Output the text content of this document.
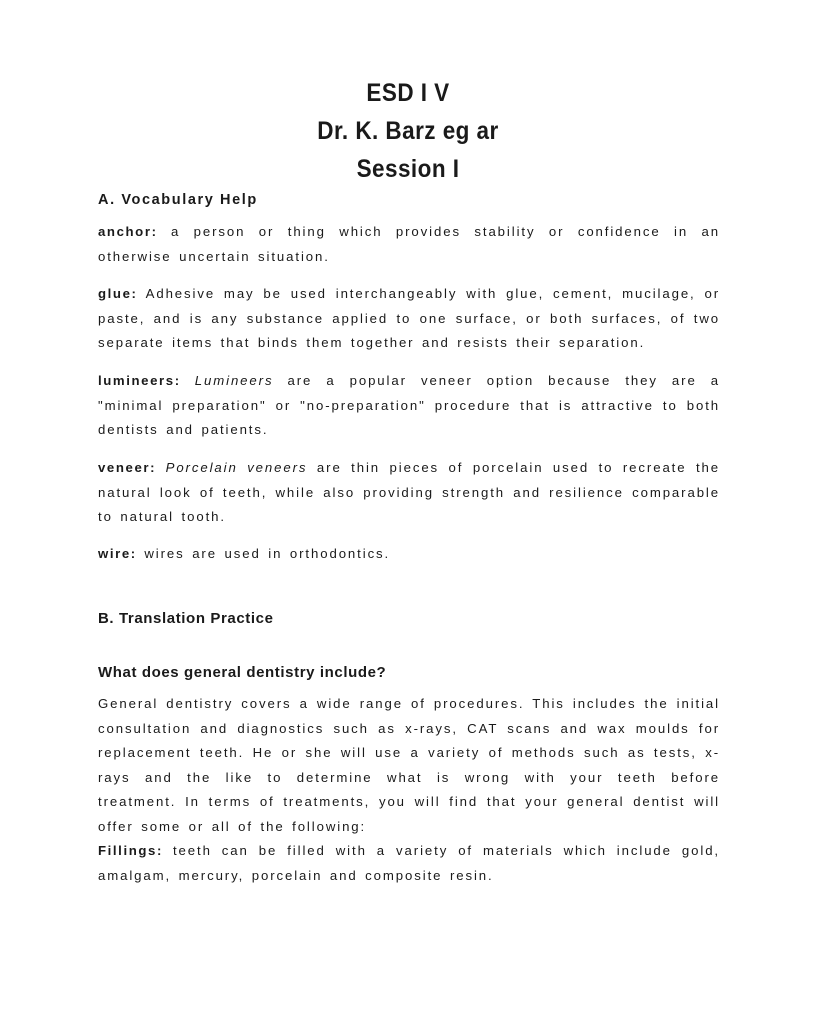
ESD I V
Dr. K. Barz eg ar
Session I

A. Vocabulary Help

anchor: a person or thing which provides stability or confidence in an otherwise uncertain situation.

glue: Adhesive may be used interchangeably with glue, cement, mucilage, or paste, and is any substance applied to one surface, or both surfaces, of two separate items that binds them together and resists their separation.

lumineers: Lumineers are a popular veneer option because they are a "minimal preparation" or "no-preparation" procedure that is attractive to both dentists and patients.

veneer: Porcelain veneers are thin pieces of porcelain used to recreate the natural look of teeth, while also providing strength and resilience comparable to natural tooth.

wire: wires are used in orthodontics.

B. Translation Practice

What does general dentistry include?

General dentistry covers a wide range of procedures. This includes the initial consultation and diagnostics such as x-rays, CAT scans and wax moulds for replacement teeth. He or she will use a variety of methods such as tests, x-rays and the like to determine what is wrong with your teeth before treatment. In terms of treatments, you will find that your general dentist will offer some or all of the following:

Fillings: teeth can be filled with a variety of materials which include gold, amalgam, mercury, porcelain and composite resin.
